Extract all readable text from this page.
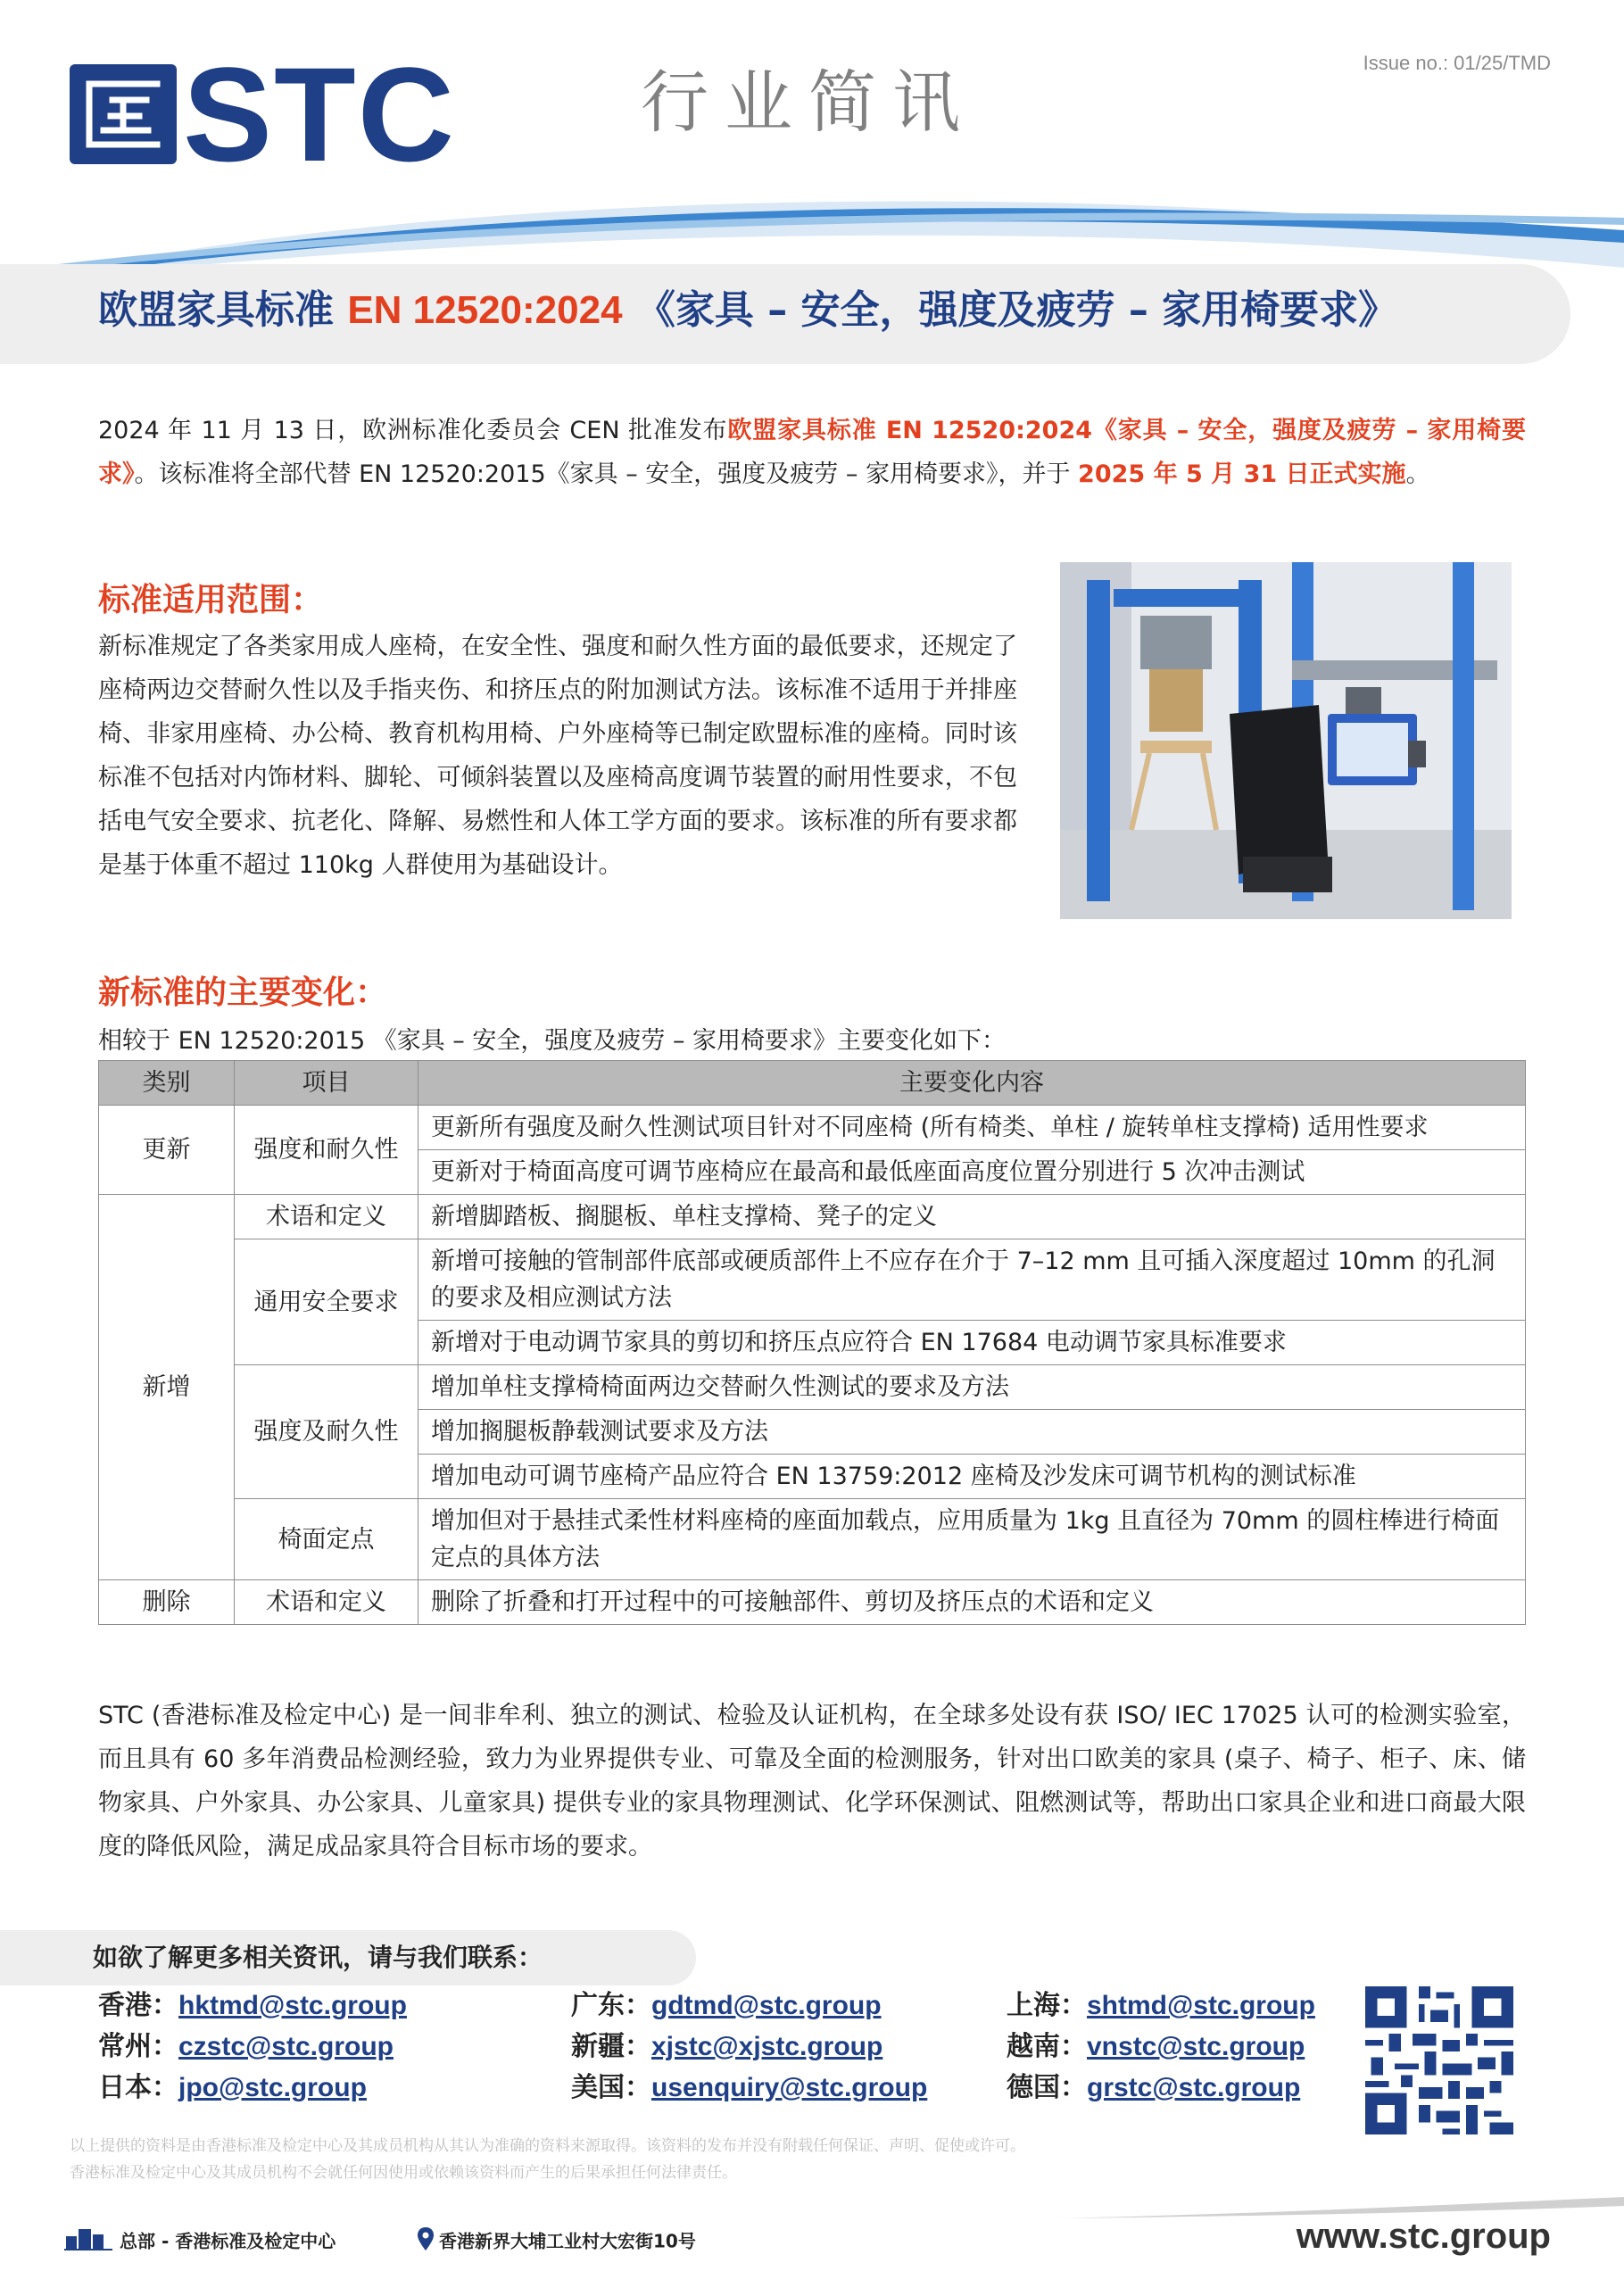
STC	行业简讯	Issue no.: 01/25/TMD
欧盟家具标准 EN 12520:2024 《家具 – 安全，强度及疲劳 – 家用椅要求》
2024 年 11 月 13 日，欧洲标准化委员会 CEN 批准发布欧盟家具标准 EN 12520:2024《家具 – 安全，强度及疲劳 – 家用椅要求》。该标准将全部代替 EN 12520:2015《家具 – 安全，强度及疲劳 – 家用椅要求》，并于 2025 年 5 月 31 日正式实施。
标准适用范围：
新标准规定了各类家用成人座椅，在安全性、强度和耐久性方面的最低要求，还规定了座椅两边交替耐久性以及手指夹伤、和挤压点的附加测试方法。该标准不适用于并排座椅、非家用座椅、办公椅、教育机构用椅、户外座椅等已制定欧盟标准的座椅。同时该标准不包括对内饰材料、脚轮、可倾斜装置以及座椅高度调节装置的耐用性要求，不包括电气安全要求、抗老化、降解、易燃性和人体工学方面的要求。该标准的所有要求都是基于体重不超过 110kg 人群使用为基础设计。
新标准的主要变化：
相较于 EN 12520:2015 《家具 – 安全，强度及疲劳 – 家用椅要求》主要变化如下：
类别	项目	主要变化内容
更新	强度和耐久性	更新所有强度及耐久性测试项目针对不同座椅 (所有椅类、单柱 / 旋转单柱支撑椅) 适用性要求
		更新对于椅面高度可调节座椅应在最高和最低座面高度位置分别进行 5 次冲击测试
新增	术语和定义	新增脚踏板、搁腿板、单柱支撑椅、凳子的定义
	通用安全要求	新增可接触的管制部件底部或硬质部件上不应存在介于 7–12 mm 且可插入深度超过 10mm 的孔洞的要求及相应测试方法
		新增对于电动调节家具的剪切和挤压点应符合 EN 17684 电动调节家具标准要求
	强度及耐久性	增加单柱支撑椅椅面两边交替耐久性测试的要求及方法
		增加搁腿板静载测试要求及方法
		增加电动可调节座椅产品应符合 EN 13759:2012 座椅及沙发床可调节机构的测试标准
	椅面定点	增加但对于悬挂式柔性材料座椅的座面加载点，应用质量为 1kg 且直径为 70mm 的圆柱棒进行椅面定点的具体方法
删除	术语和定义	删除了折叠和打开过程中的可接触部件、剪切及挤压点的术语和定义
STC (香港标准及检定中心) 是一间非牟利、独立的测试、检验及认证机构，在全球多处设有获 ISO/ IEC 17025 认可的检测实验室，而且具有 60 多年消费品检测经验，致力为业界提供专业、可靠及全面的检测服务，针对出口欧美的家具 (桌子、椅子、柜子、床、储物家具、户外家具、办公家具、儿童家具) 提供专业的家具物理测试、化学环保测试、阻燃测试等，帮助出口家具企业和进口商最大限度的降低风险，满足成品家具符合目标市场的要求。
如欲了解更多相关资讯，请与我们联系：
香港：hktmd@stc.group	广东：gdtmd@stc.group	上海：shtmd@stc.group
常州：czstc@stc.group	新疆：xjstc@xjstc.group	越南：vnstc@stc.group
日本：jpo@stc.group	美国：usenquiry@stc.group	德国：grstc@stc.group
以上提供的资料是由香港标准及检定中心及其成员机构从其认为准确的资料来源取得。该资料的发布并没有附载任何保证、声明、促使或许可。
香港标准及检定中心及其成员机构不会就任何因使用或依赖该资料而产生的后果承担任何法律责任。
总部 - 香港标准及检定中心	香港新界大埔工业村大宏街10号	www.stc.group
